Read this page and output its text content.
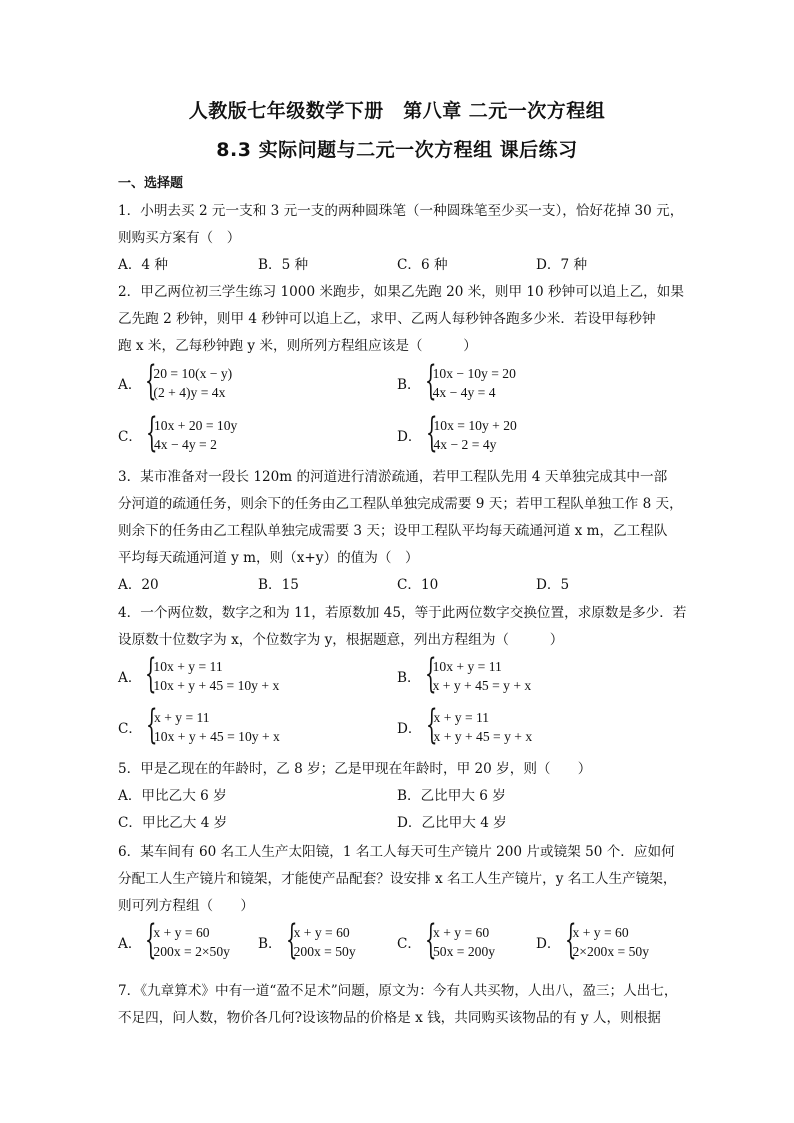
人教版七年级数学下册　第八章 二元一次方程组
8.3 实际问题与二元一次方程组 课后练习
一、选择题
1．小明去买 2 元一支和 3 元一支的两种圆珠笔（一种圆珠笔至少买一支），恰好花掉 30 元，
则购买方案有（　）
A．4 种	B．5 种	C．6 种	D．7 种
2．甲乙两位初三学生练习 1000 米跑步，如果乙先跑 20 米，则甲 10 秒钟可以追上乙，如果
乙先跑 2 秒钟，则甲 4 秒钟可以追上乙，求甲、乙两人每秒钟各跑多少米．若设甲每秒钟
跑 x 米，乙每秒钟跑 y 米，则所列方程组应该是（　　　）
A． {
20 = 10(x − y)
(2 + 4)y = 4x	B． {
10x − 10y = 20
4x − 4y = 4
C． {
10x + 20 = 10y
4x − 4y = 2	D． {
10x = 10y + 20
4x − 2 = 4y
3．某市准备对一段长 120m 的河道进行清淤疏通，若甲工程队先用 4 天单独完成其中一部
分河道的疏通任务，则余下的任务由乙工程队单独完成需要 9 天；若甲工程队单独工作 8 天，
则余下的任务由乙工程队单独完成需要 3 天；设甲工程队平均每天疏通河道 x m，乙工程队
平均每天疏通河道 y m，则（x+y）的值为（　）
A．20	B．15	C．10	D．5
4．一个两位数，数字之和为 11，若原数加 45，等于此两位数字交换位置，求原数是多少．若
设原数十位数字为 x，个位数字为 y，根据题意，列出方程组为（　　　）
A． {
10x + y = 11
10x + y + 45 = 10y + x	B． {
10x + y = 11
x + y + 45 = y + x
C． {
x + y = 11
10x + y + 45 = 10y + x	D． {
x + y = 11
x + y + 45 = y + x
5．甲是乙现在的年龄时，乙 8 岁；乙是甲现在年龄时，甲 20 岁，则（　　）
A．甲比乙大 6 岁	B．乙比甲大 6 岁
C．甲比乙大 4 岁	D．乙比甲大 4 岁
6．某车间有 60 名工人生产太阳镜，1 名工人每天可生产镜片 200 片或镜架 50 个．应如何
分配工人生产镜片和镜架，才能使产品配套？设安排 x 名工人生产镜片，y 名工人生产镜架，
则可列方程组（　　）
A． {
x + y = 60
200x = 2×50y B． {
x + y = 60
200x = 50y	C． {
x + y = 60
50x = 200y	D． {
x + y = 60
2×200x = 50y
7．《九章算术》中有一道“盈不足术”问题，原文为：今有人共买物，人出八，盈三；人出七，
不足四，问人数，物价各几何?设该物品的价格是 x 钱，共同购买该物品的有 y 人，则根据
